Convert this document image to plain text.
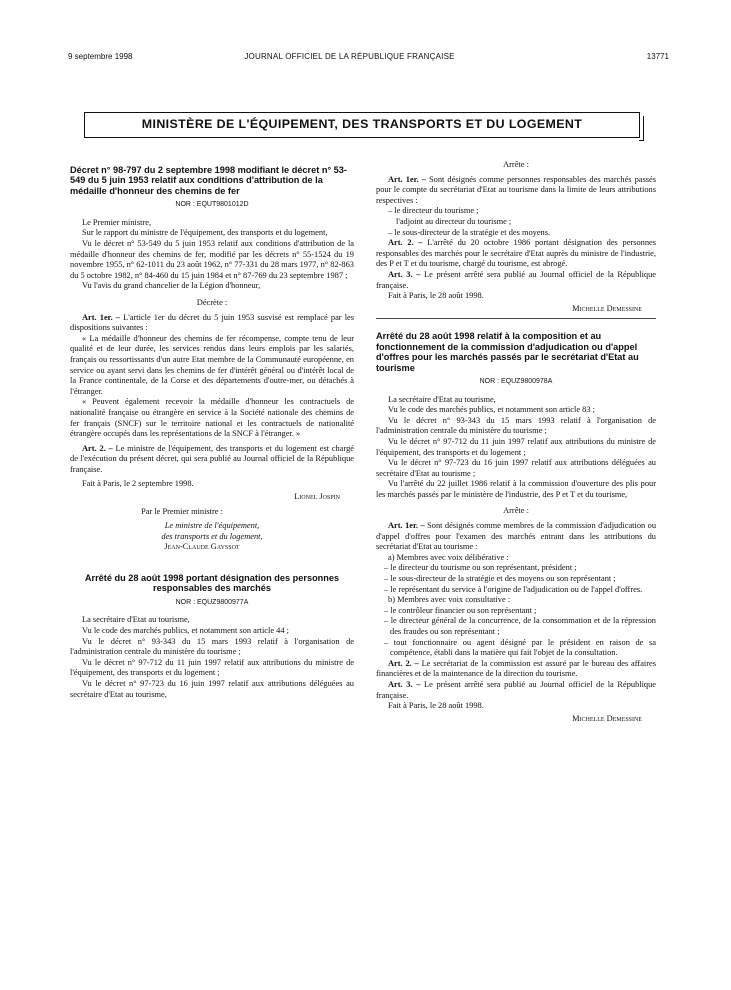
9 septembre 1998	JOURNAL OFFICIEL DE LA RÉPUBLIQUE FRANÇAISE	13771
MINISTÈRE DE L'ÉQUIPEMENT, DES TRANSPORTS ET DU LOGEMENT
Décret n° 98-797 du 2 septembre 1998 modifiant le décret n° 53-549 du 5 juin 1953 relatif aux conditions d'attribution de la médaille d'honneur des chemins de fer
NOR : EQUT9801012D

Le Premier ministre,

Sur le rapport du ministre de l'équipement, des transports et du logement,

Vu le décret n° 53-549 du 5 juin 1953 relatif aux conditions d'attribution de la médaille d'honneur des chemins de fer, modifié par les décrets n° 55-1524 du 19 novembre 1955, n° 62-1011 du 23 août 1962, n° 77-331 du 28 mars 1977, n° 82-863 du 5 octobre 1982, n° 84-460 du 15 juin 1984 et n° 87-769 du 23 septembre 1987 ;

Vu l'avis du grand chancelier de la Légion d'honneur,

Décrète :

Art. 1er. – L'article 1er du décret du 5 juin 1953 susvisé est remplacé par les dispositions suivantes :

« La médaille d'honneur des chemins de fer récompense, compte tenu de leur qualité et de leur durée, les services rendus dans leurs emplois par les salariés, français ou ressortissants d'un autre Etat membre de la Communauté européenne, en service ou ayant servi dans les chemins de fer d'intérêt général ou d'intérêt local de la France continentale, de la Corse et des départements d'outre-mer, ou détachés à l'étranger.

« Peuvent également recevoir la médaille d'honneur les contractuels de nationalité française ou étrangère en service à la Société nationale des chemins de fer français (SNCF) sur le territoire national et les contractuels de nationalité étrangère occupés dans les représentations de la SNCF à l'étranger. »

Art. 2. – Le ministre de l'équipement, des transports et du logement est chargé de l'exécution du présent décret, qui sera publié au Journal officiel de la République française.

Fait à Paris, le 2 septembre 1998.

Lionel Jospin
Par le Premier ministre :
Le ministre de l'équipement,
des transports et du logement,
Jean-Claude Gayssot
Arrêté du 28 août 1998 portant désignation des personnes responsables des marchés
NOR : EQUZ9800977A

La secrétaire d'Etat au tourisme,

Vu le code des marchés publics, et notamment son article 44 ;

Vu le décret n° 93-343 du 15 mars 1993 relatif à l'organisation de l'administration centrale du ministère du tourisme ;

Vu le décret n° 97-712 du 11 juin 1997 relatif aux attributions du ministre de l'équipement, des transports et du logement ;

Vu le décret n° 97-723 du 16 juin 1997 relatif aux attributions déléguées au secrétaire d'Etat au tourisme,

Arrête :

Art. 1er. – Sont désignés comme personnes responsables des marchés passés pour le compte du secrétariat d'Etat au tourisme dans la limite de leurs attributions respectives :

– le directeur du tourisme ;

l'adjoint au directeur du tourisme ;

– le sous-directeur de la stratégie et des moyens.

Art. 2. – L'arrêté du 20 octobre 1986 portant désignation des personnes responsables des marchés pour le secrétaire d'Etat auprès du ministre de l'industrie, des P et T et du tourisme, chargé du tourisme, est abrogé.

Art. 3. – Le présent arrêté sera publié au Journal officiel de la République française.

Fait à Paris, le 28 août 1998.

Michelle Demessine
Arrêté du 28 août 1998 relatif à la composition et au fonctionnement de la commission d'adjudication ou d'appel d'offres pour les marchés passés par le secrétariat d'Etat au tourisme
NOR : EQUZ9800978A

La secrétaire d'Etat au tourisme,

Vu le code des marchés publics, et notamment son article 83 ;

Vu le décret n° 93-343 du 15 mars 1993 relatif à l'organisation de l'administration centrale du ministère du tourisme ;

Vu le décret n° 97-712 du 11 juin 1997 relatif aux attributions du ministre de l'équipement, des transports et du logement ;

Vu le décret n° 97-723 du 16 juin 1997 relatif aux attributions déléguées au secrétaire d'Etat au tourisme ;

Vu l'arrêté du 22 juillet 1986 relatif à la commission d'ouverture des plis pour les marchés passés par le ministère de l'industrie, des P et T et du tourisme,

Arrête :

Art. 1er. – Sont désignés comme membres de la commission d'adjudication ou d'appel d'offres pour l'examen des marchés entrant dans les attributions du secrétariat d'Etat au tourisme :

a) Membres avec voix délibérative :

– le directeur du tourisme ou son représentant, président ;

– le sous-directeur de la stratégie et des moyens ou son représentant ;

– le représentant du service à l'origine de l'adjudication ou de l'appel d'offres.

b) Membres avec voix consultative :

– le contrôleur financier ou son représentant ;

– le directeur général de la concurrence, de la consommation et de la répression des fraudes ou son représentant ;

– tout fonctionnaire ou agent désigné par le président en raison de sa compétence, établi dans la matière qui fait l'objet de la consultation.

Art. 2. – Le secrétariat de la commission est assuré par le bureau des affaires financières et de la maintenance de la direction du tourisme.

Art. 3. – Le présent arrêté sera publié au Journal officiel de la République française.

Fait à Paris, le 28 août 1998.

Michelle Demessine
